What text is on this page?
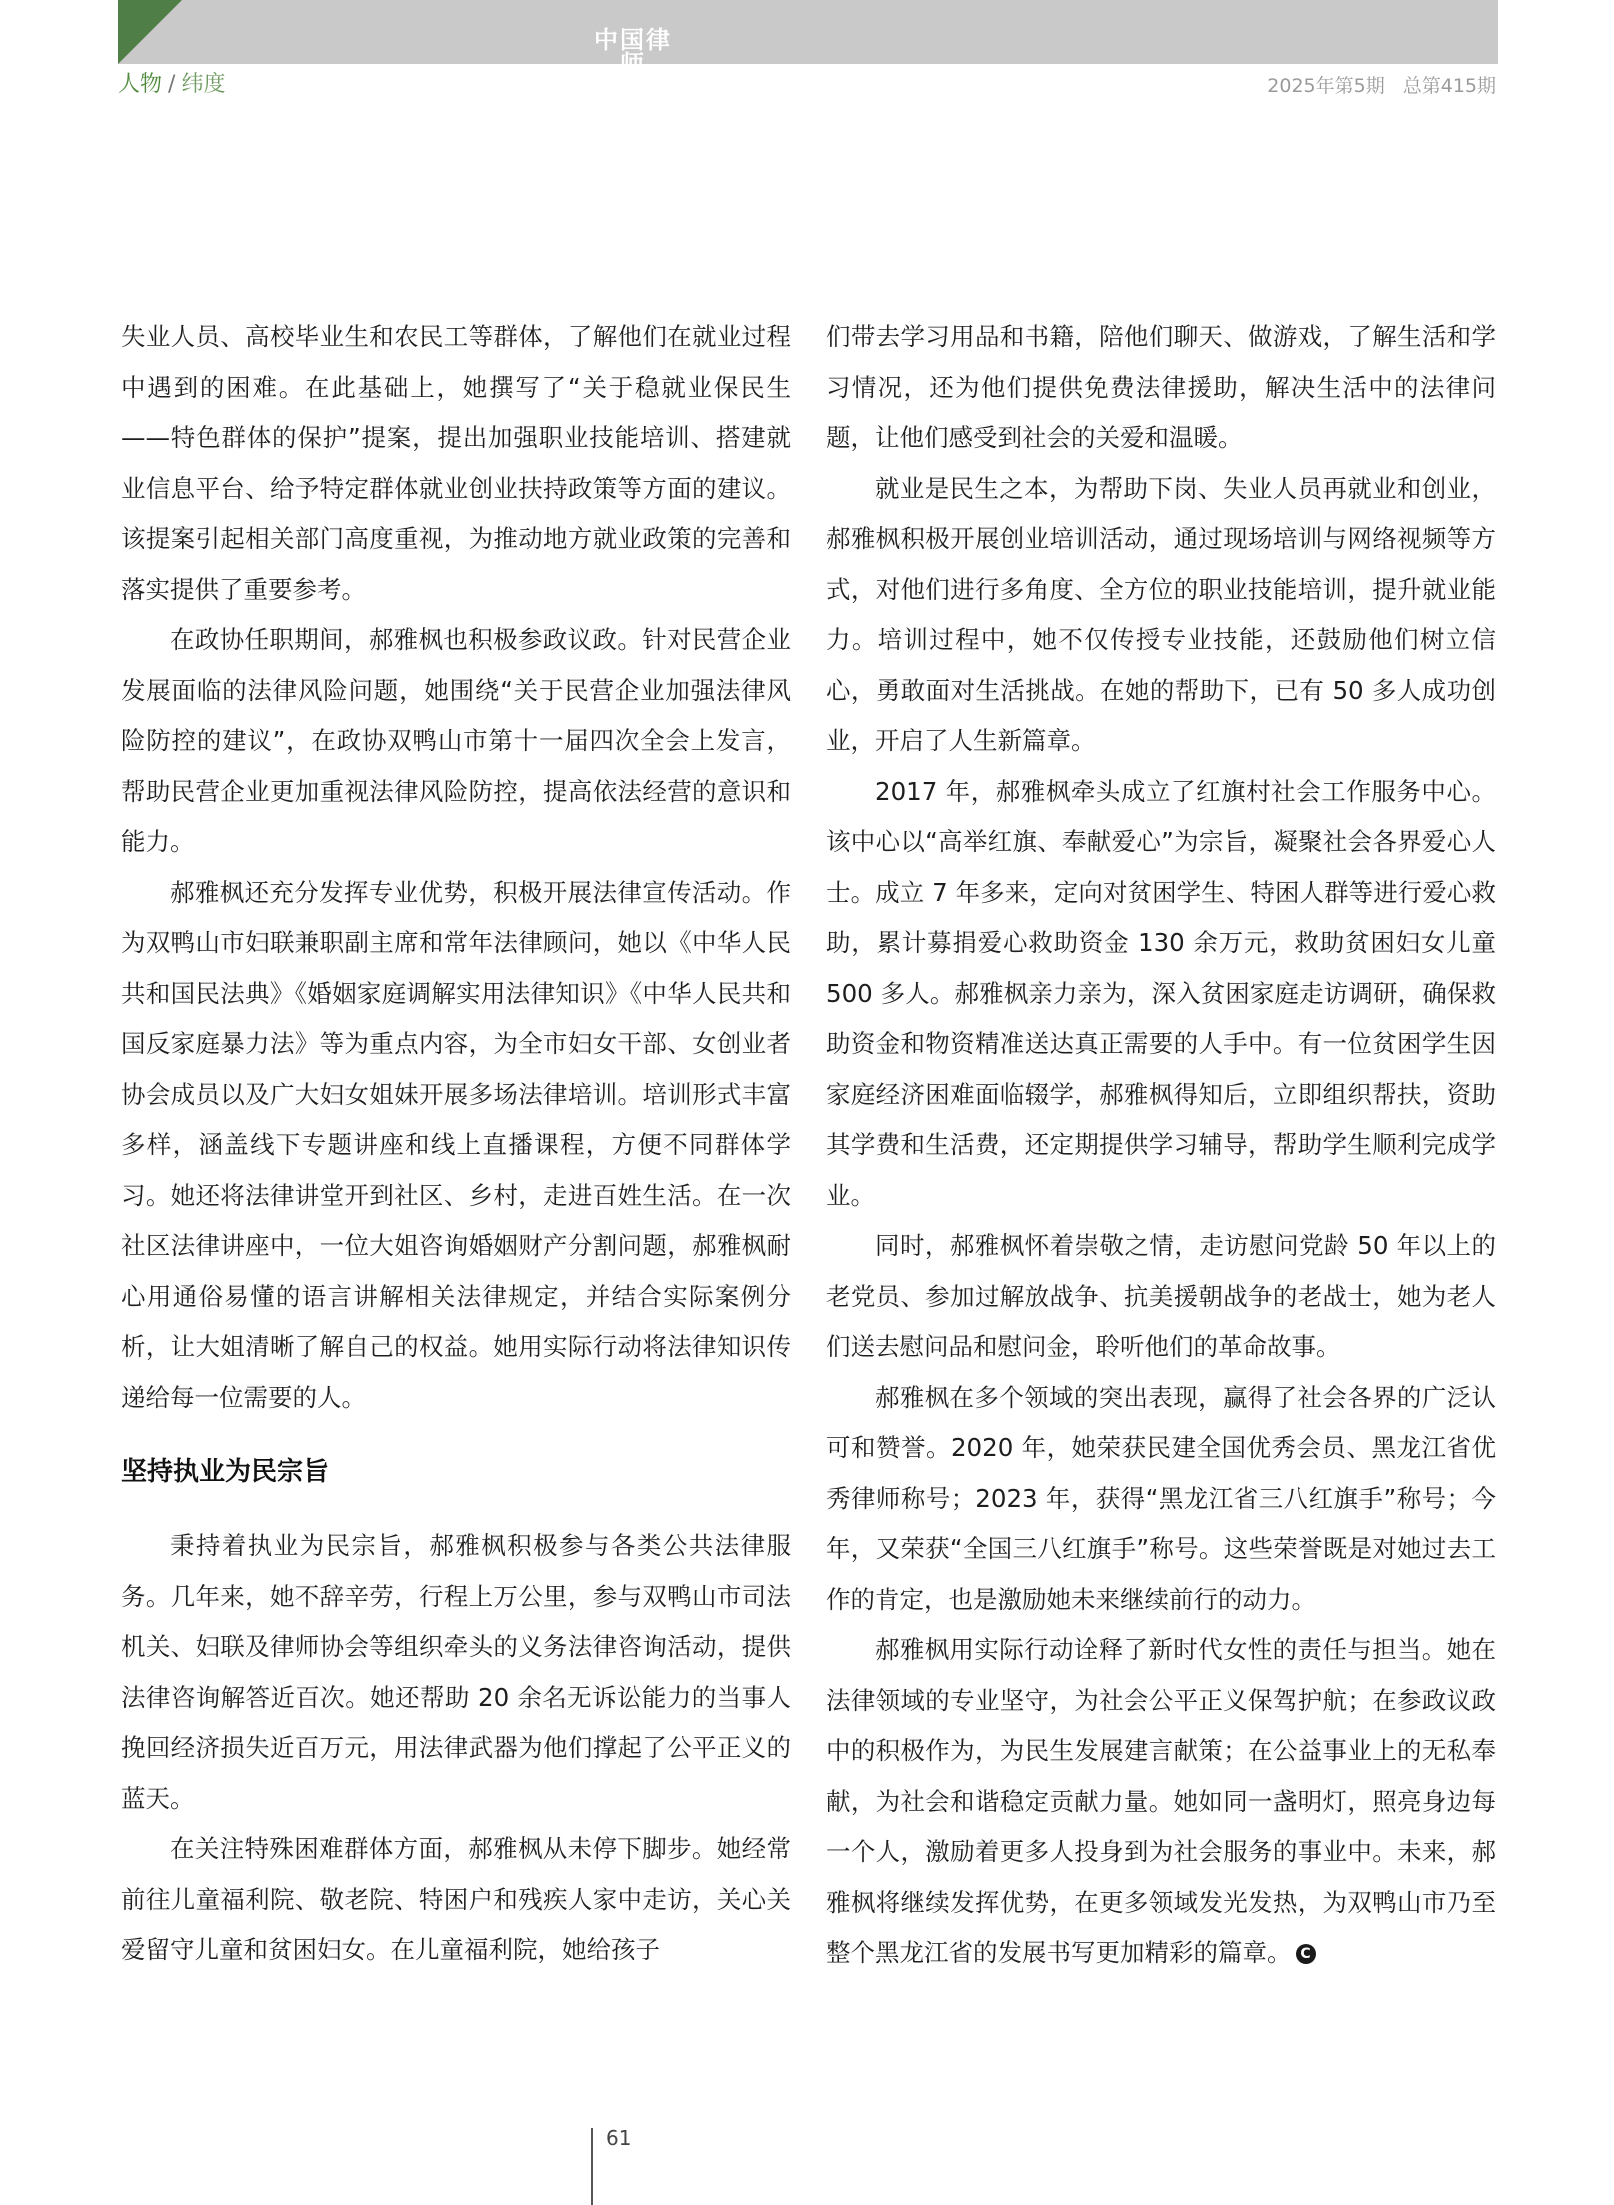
中国律师
人物 / 纬度	2025年第5期 总第415期

失业人员、高校毕业生和农民工等群体，了解他们在就业过程中遇到的困难。在此基础上，她撰写了“关于稳就业保民生——特色群体的保护”提案，提出加强职业技能培训、搭建就业信息平台、给予特定群体就业创业扶持政策等方面的建议。该提案引起相关部门高度重视，为推动地方就业政策的完善和落实提供了重要参考。

在政协任职期间，郝雅枫也积极参政议政。针对民营企业发展面临的法律风险问题，她围绕“关于民营企业加强法律风险防控的建议”，在政协双鸭山市第十一届四次全会上发言，帮助民营企业更加重视法律风险防控，提高依法经营的意识和能力。

郝雅枫还充分发挥专业优势，积极开展法律宣传活动。作为双鸭山市妇联兼职副主席和常年法律顾问，她以《中华人民共和国民法典》《婚姻家庭调解实用法律知识》《中华人民共和国反家庭暴力法》等为重点内容，为全市妇女干部、女创业者协会成员以及广大妇女姐妹开展多场法律培训。培训形式丰富多样，涵盖线下专题讲座和线上直播课程，方便不同群体学习。她还将法律讲堂开到社区、乡村，走进百姓生活。在一次社区法律讲座中，一位大姐咨询婚姻财产分割问题，郝雅枫耐心用通俗易懂的语言讲解相关法律规定，并结合实际案例分析，让大姐清晰了解自己的权益。她用实际行动将法律知识传递给每一位需要的人。

坚持执业为民宗旨

秉持着执业为民宗旨，郝雅枫积极参与各类公共法律服务。几年来，她不辞辛劳，行程上万公里，参与双鸭山市司法机关、妇联及律师协会等组织牵头的义务法律咨询活动，提供法律咨询解答近百次。她还帮助 20 余名无诉讼能力的当事人挽回经济损失近百万元，用法律武器为他们撑起了公平正义的蓝天。

在关注特殊困难群体方面，郝雅枫从未停下脚步。她经常前往儿童福利院、敬老院、特困户和残疾人家中走访，关心关爱留守儿童和贫困妇女。在儿童福利院，她给孩子

们带去学习用品和书籍，陪他们聊天、做游戏，了解生活和学习情况，还为他们提供免费法律援助，解决生活中的法律问题，让他们感受到社会的关爱和温暖。

就业是民生之本，为帮助下岗、失业人员再就业和创业，郝雅枫积极开展创业培训活动，通过现场培训与网络视频等方式，对他们进行多角度、全方位的职业技能培训，提升就业能力。培训过程中，她不仅传授专业技能，还鼓励他们树立信心，勇敢面对生活挑战。在她的帮助下，已有 50 多人成功创业，开启了人生新篇章。

2017 年，郝雅枫牵头成立了红旗村社会工作服务中心。该中心以“高举红旗、奉献爱心”为宗旨，凝聚社会各界爱心人士。成立 7 年多来，定向对贫困学生、特困人群等进行爱心救助，累计募捐爱心救助资金 130 余万元，救助贫困妇女儿童 500 多人。郝雅枫亲力亲为，深入贫困家庭走访调研，确保救助资金和物资精准送达真正需要的人手中。有一位贫困学生因家庭经济困难面临辍学，郝雅枫得知后，立即组织帮扶，资助其学费和生活费，还定期提供学习辅导，帮助学生顺利完成学业。

同时，郝雅枫怀着崇敬之情，走访慰问党龄 50 年以上的老党员、参加过解放战争、抗美援朝战争的老战士，她为老人们送去慰问品和慰问金，聆听他们的革命故事。

郝雅枫在多个领域的突出表现，赢得了社会各界的广泛认可和赞誉。2020 年，她荣获民建全国优秀会员、黑龙江省优秀律师称号；2023 年，获得“黑龙江省三八红旗手”称号；今年，又荣获“全国三八红旗手”称号。这些荣誉既是对她过去工作的肯定，也是激励她未来继续前行的动力。

郝雅枫用实际行动诠释了新时代女性的责任与担当。她在法律领域的专业坚守，为社会公平正义保驾护航；在参政议政中的积极作为，为民生发展建言献策；在公益事业上的无私奉献，为社会和谐稳定贡献力量。她如同一盏明灯，照亮身边每一个人，激励着更多人投身到为社会服务的事业中。未来，郝雅枫将继续发挥优势，在更多领域发光发热，为双鸭山市乃至整个黑龙江省的发展书写更加精彩的篇章。 C

61
